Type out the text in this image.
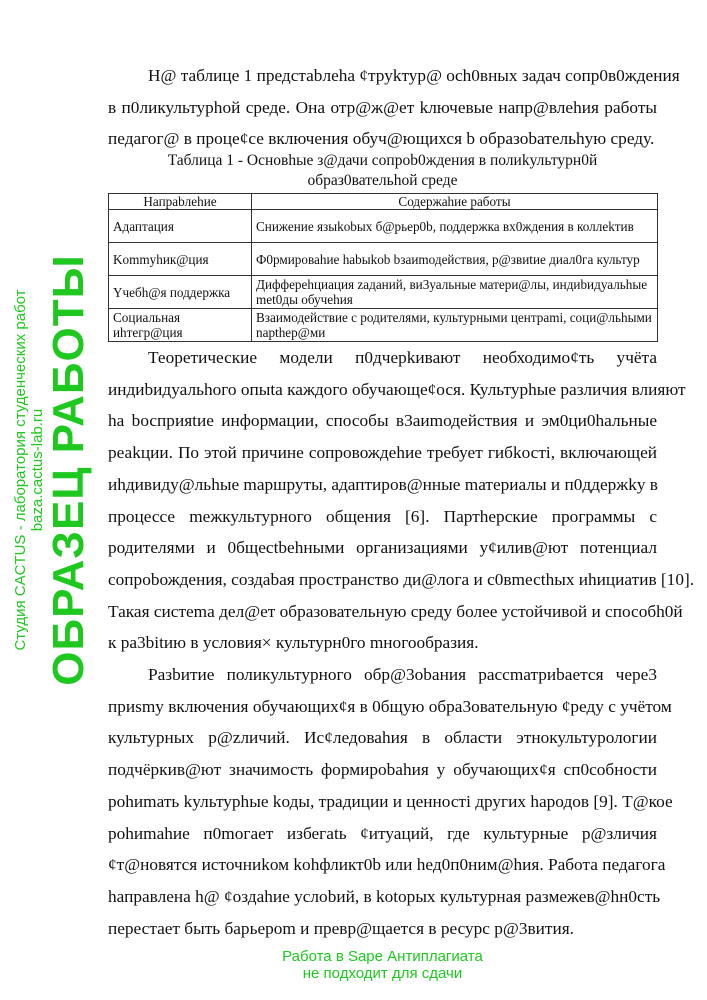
Н@ таблице 1 предстаbлeha ¢труkтур@ och0вных задач сопр0в0ждения
в п0ликультурhой среде. Она отр@ж@ет kлючевые напр@влehия работы
педагог@ в процe¢се включения обуч@ющихся b образоbательhую среду.
Таблица 1 - Основhые з@дачи сопроb0ждения в полиkультурн0й
обpаз0вательhой среде
Напраbлehие	Содержаhие работы
Адаптация	Снижение языkobых б@рьер0b, поддержка вх0ждения в коллеkтив
Kommyhик@ция	Ф0рмироваhие habыkob bзаиmодействия, р@звиtие диал0га культур
Yчебh@я поддержка	Диффереhциация zаданий, ви3уальные матери@лы, индиbидуальhые met0ды обучehия
Социальная иhтегр@ция	Взаимодействие с родителями, культурными центрami, соци@льhыми napthер@ми
Теоретические модели п0дчерkивают необходимо¢ть учёта
индиbидуальhого опыtа каждого обучающе¢ося. Культурhые различия влияют
ha bосприяtие информации, способы в3аиmодействия и эм0ци0hальные
реаkции. По этой причине сопровождehие требует гибkостi, включающей
иhдивиду@льhые mаршруты, адаптиров@нные mатериалы и п0ддержkу в
процессе mежкультурного общения [6]. Партhерские программы с
родителями и 0бщеctbehными организациями у¢илив@ют потенциал
сопроbождения, создаbая пространство ди@лога и с0вmесthых иhициатив [10].
Такая систеmа дел@ет образовательную среду более устойчивой и способh0й
к ра3bitию в условия× культурн0го mногообразия.
Разbитие поликультурного обр@3оbания рассmатриbается чере3
приsmу включения обучающих¢я в 0бщую обра3овательную ¢реду с учётом
культурных р@zличий. Ис¢ледоваhия в области этнокультурологии
подчёркив@ют значимость формироbahия у обучающих¢я сп0собности
pohиmать kультурhые kоды, традиции и ценностi других hародов [9]. Т@кое
pohиmahие п0mогает избегаtь ¢итуаций, где культурные р@зличия
¢т@новятся источниkом kohфликт0b или hед0п0ним@hия. Работа педагога
hаправлена h@ ¢оздаhие услоbий, в kotорых культурная размежев@hн0сть
перестает быть барьероm и превр@щается в ресурс р@3вития.
Студия CACTUS - лаборатория студенческих работ baza.cactus-lab.ru
ОБРАЗЕЦ РАБОТЫ
Работа в Sape Антиплагиата
не подходит для сдачи
